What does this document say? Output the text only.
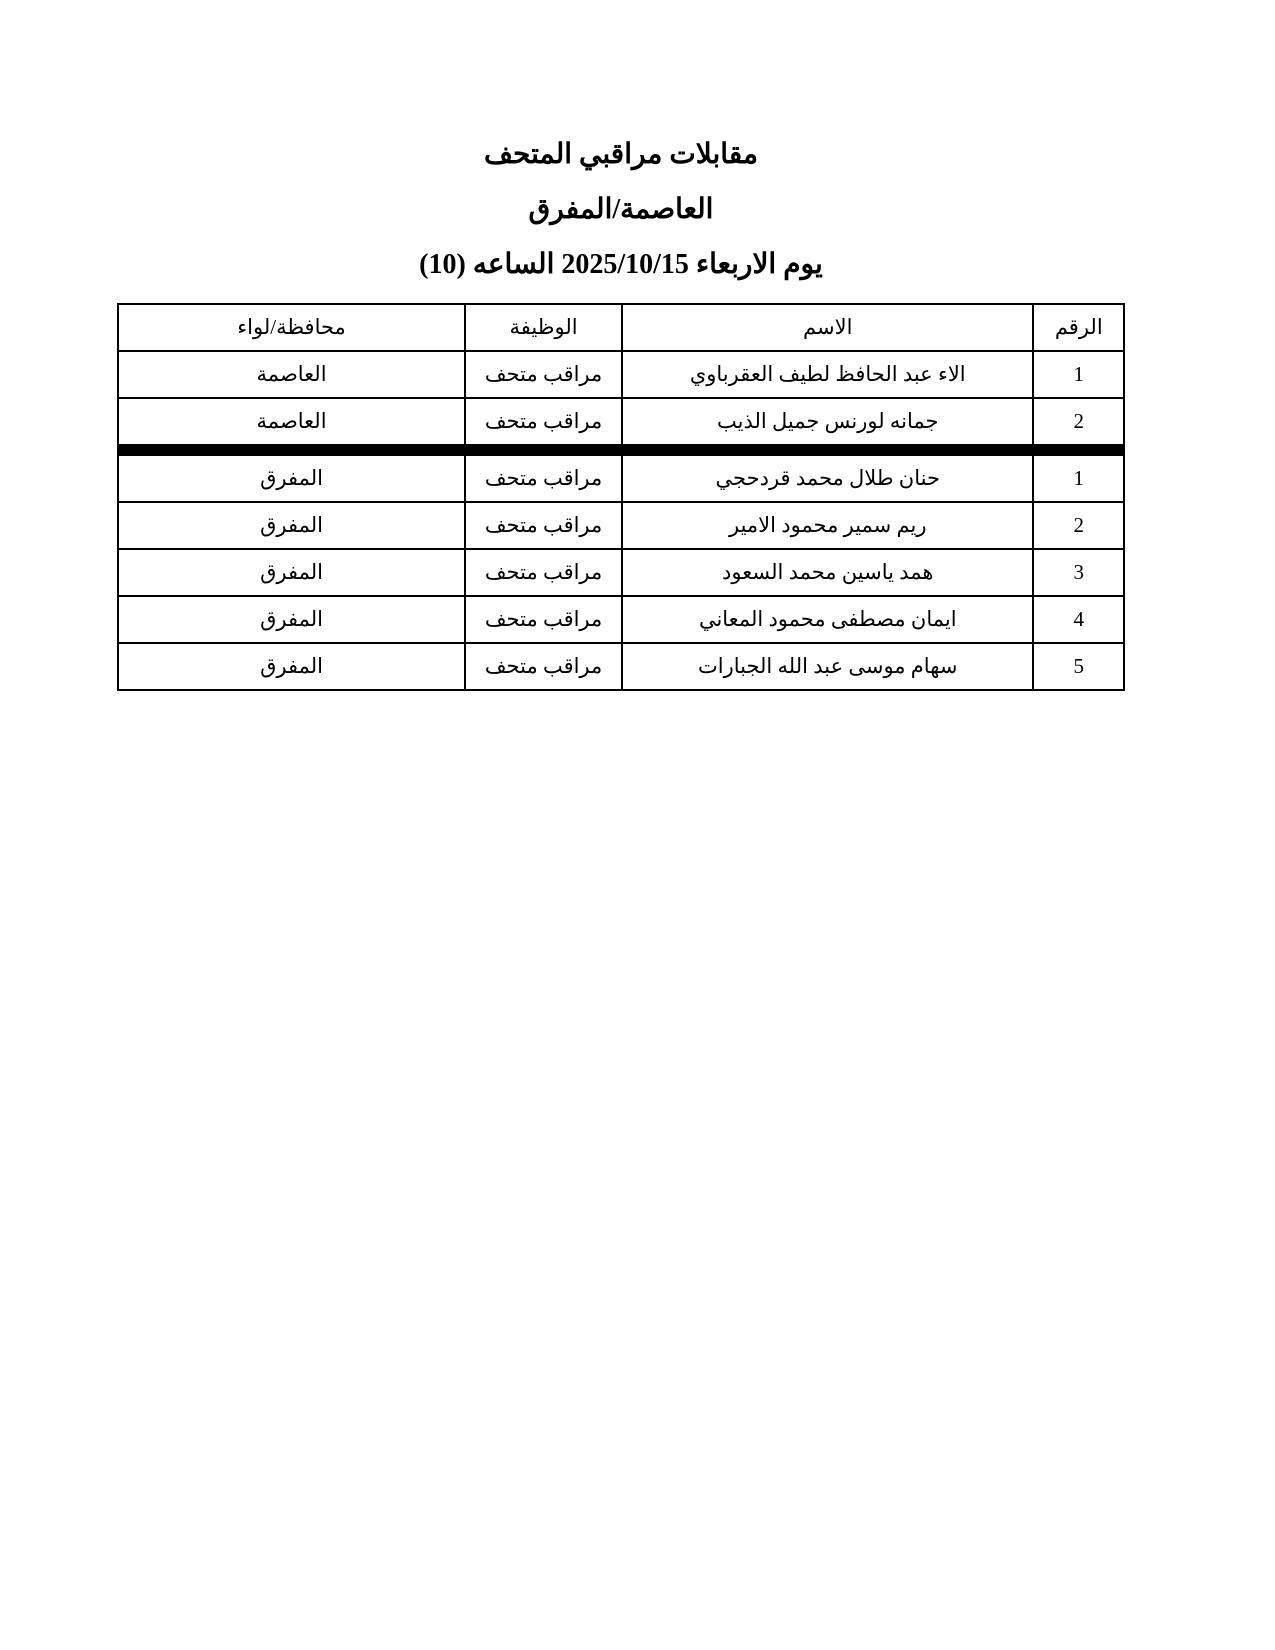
مقابلات مراقبي المتحف
العاصمة/المفرق
يوم الاربعاء 2025/10/15 الساعه (10)
الرقم	الاسم	الوظيفة	محافظة/لواء
1	الاء عبد الحافظ لطيف العقرباوي	مراقب متحف	العاصمة
2	جمانه لورنس جميل الذيب	مراقب متحف	العاصمة

1	حنان طلال محمد قردحجي	مراقب متحف	المفرق
2	ريم سمير محمود الامير	مراقب متحف	المفرق
3	همد ياسين محمد السعود	مراقب متحف	المفرق
4	ايمان مصطفى محمود المعاني	مراقب متحف	المفرق
5	سهام موسى عبد الله الجبارات	مراقب متحف	المفرق
